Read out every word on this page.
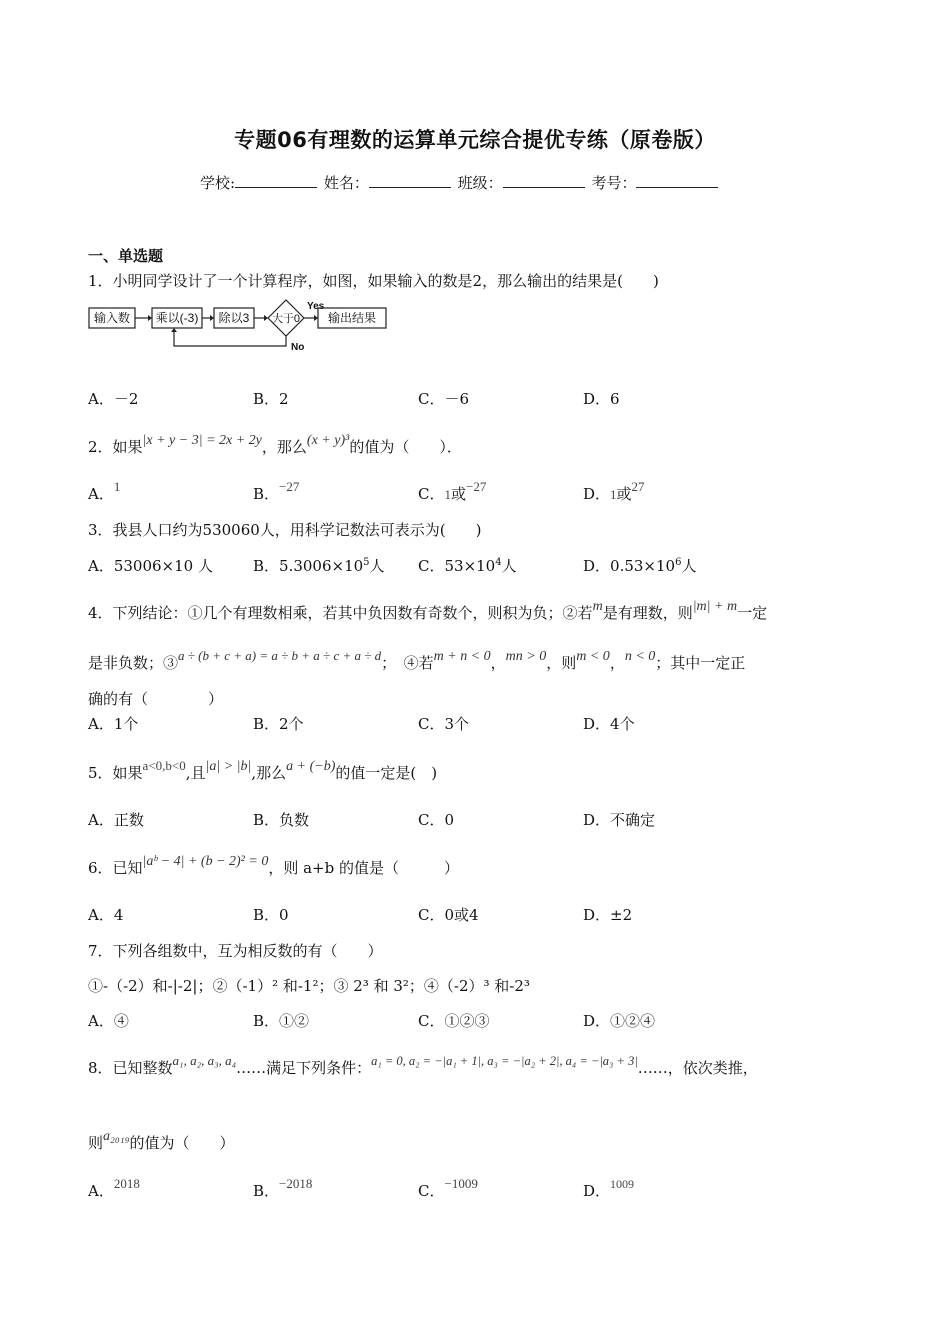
专题06有理数的运算单元综合提优专练（原卷版）
学校:	姓名：	班级：	考号：
一、单选题
1．小明同学设计了一个计算程序，如图，如果输入的数是2，那么输出的结果是(　　)
输入数 乘以(-3) 除以3 大于0
Yes
输出结果
No
A．－2	B．2	C．－6	D．6
2．如果|x + y − 3| = 2x + 2y，那么(x + y)³的值为（　　）．
A．1	B．−27	C．1或−27	D．1或27
3．我县人口约为530060人，用科学记数法可表示为(　　)
A．53006×10 人	B．$5.3006\times 10^5$人 C．$53\times 10^4$人	D．$0.53\times 10^6$人
4．下列结论：①几个有理数相乘，若其中负因数有奇数个，则积为负；②若m是有理数，则|m| + m一定
是非负数；③a ÷ (b + c + a) = a ÷ b + a ÷ c + a ÷ d；　④若m + n < 0，mn > 0，则m < 0，n < 0；其中一定正
确的有（　　　　）
A．1个	B．2个	C．3个	D．4个
5．如果a<0,b<0,且|a| > |b|,那么a + (−b)的值一定是(　)
A．正数	B．负数	C．0	D．不确定
6．已知|aᵇ − 4| + (b − 2)² = 0，则 a+b 的值是（　　　）
A．4	B．0	C．0或4	D．±2
7．下列各组数中，互为相反数的有（　　）
①-（-2）和-|-2|；②（-1）² 和-1²；③ 2³ 和 3²；④（-2）³ 和-2³
A．④	B．①②	C．①②③	D．①②④
8．已知整数a₁, a₂, a₃, a₄……满足下列条件：$^{a_1 = 0, a_2 = -|a_1 + 1|, a_3 = -|a_2 + 2|, a_4 = -|a_3 + 3|}$……，依次类推，
则a₂₀₁₉的值为（　　）
A．2018	B．−2018	C．−1009	D．$^{1009}$
